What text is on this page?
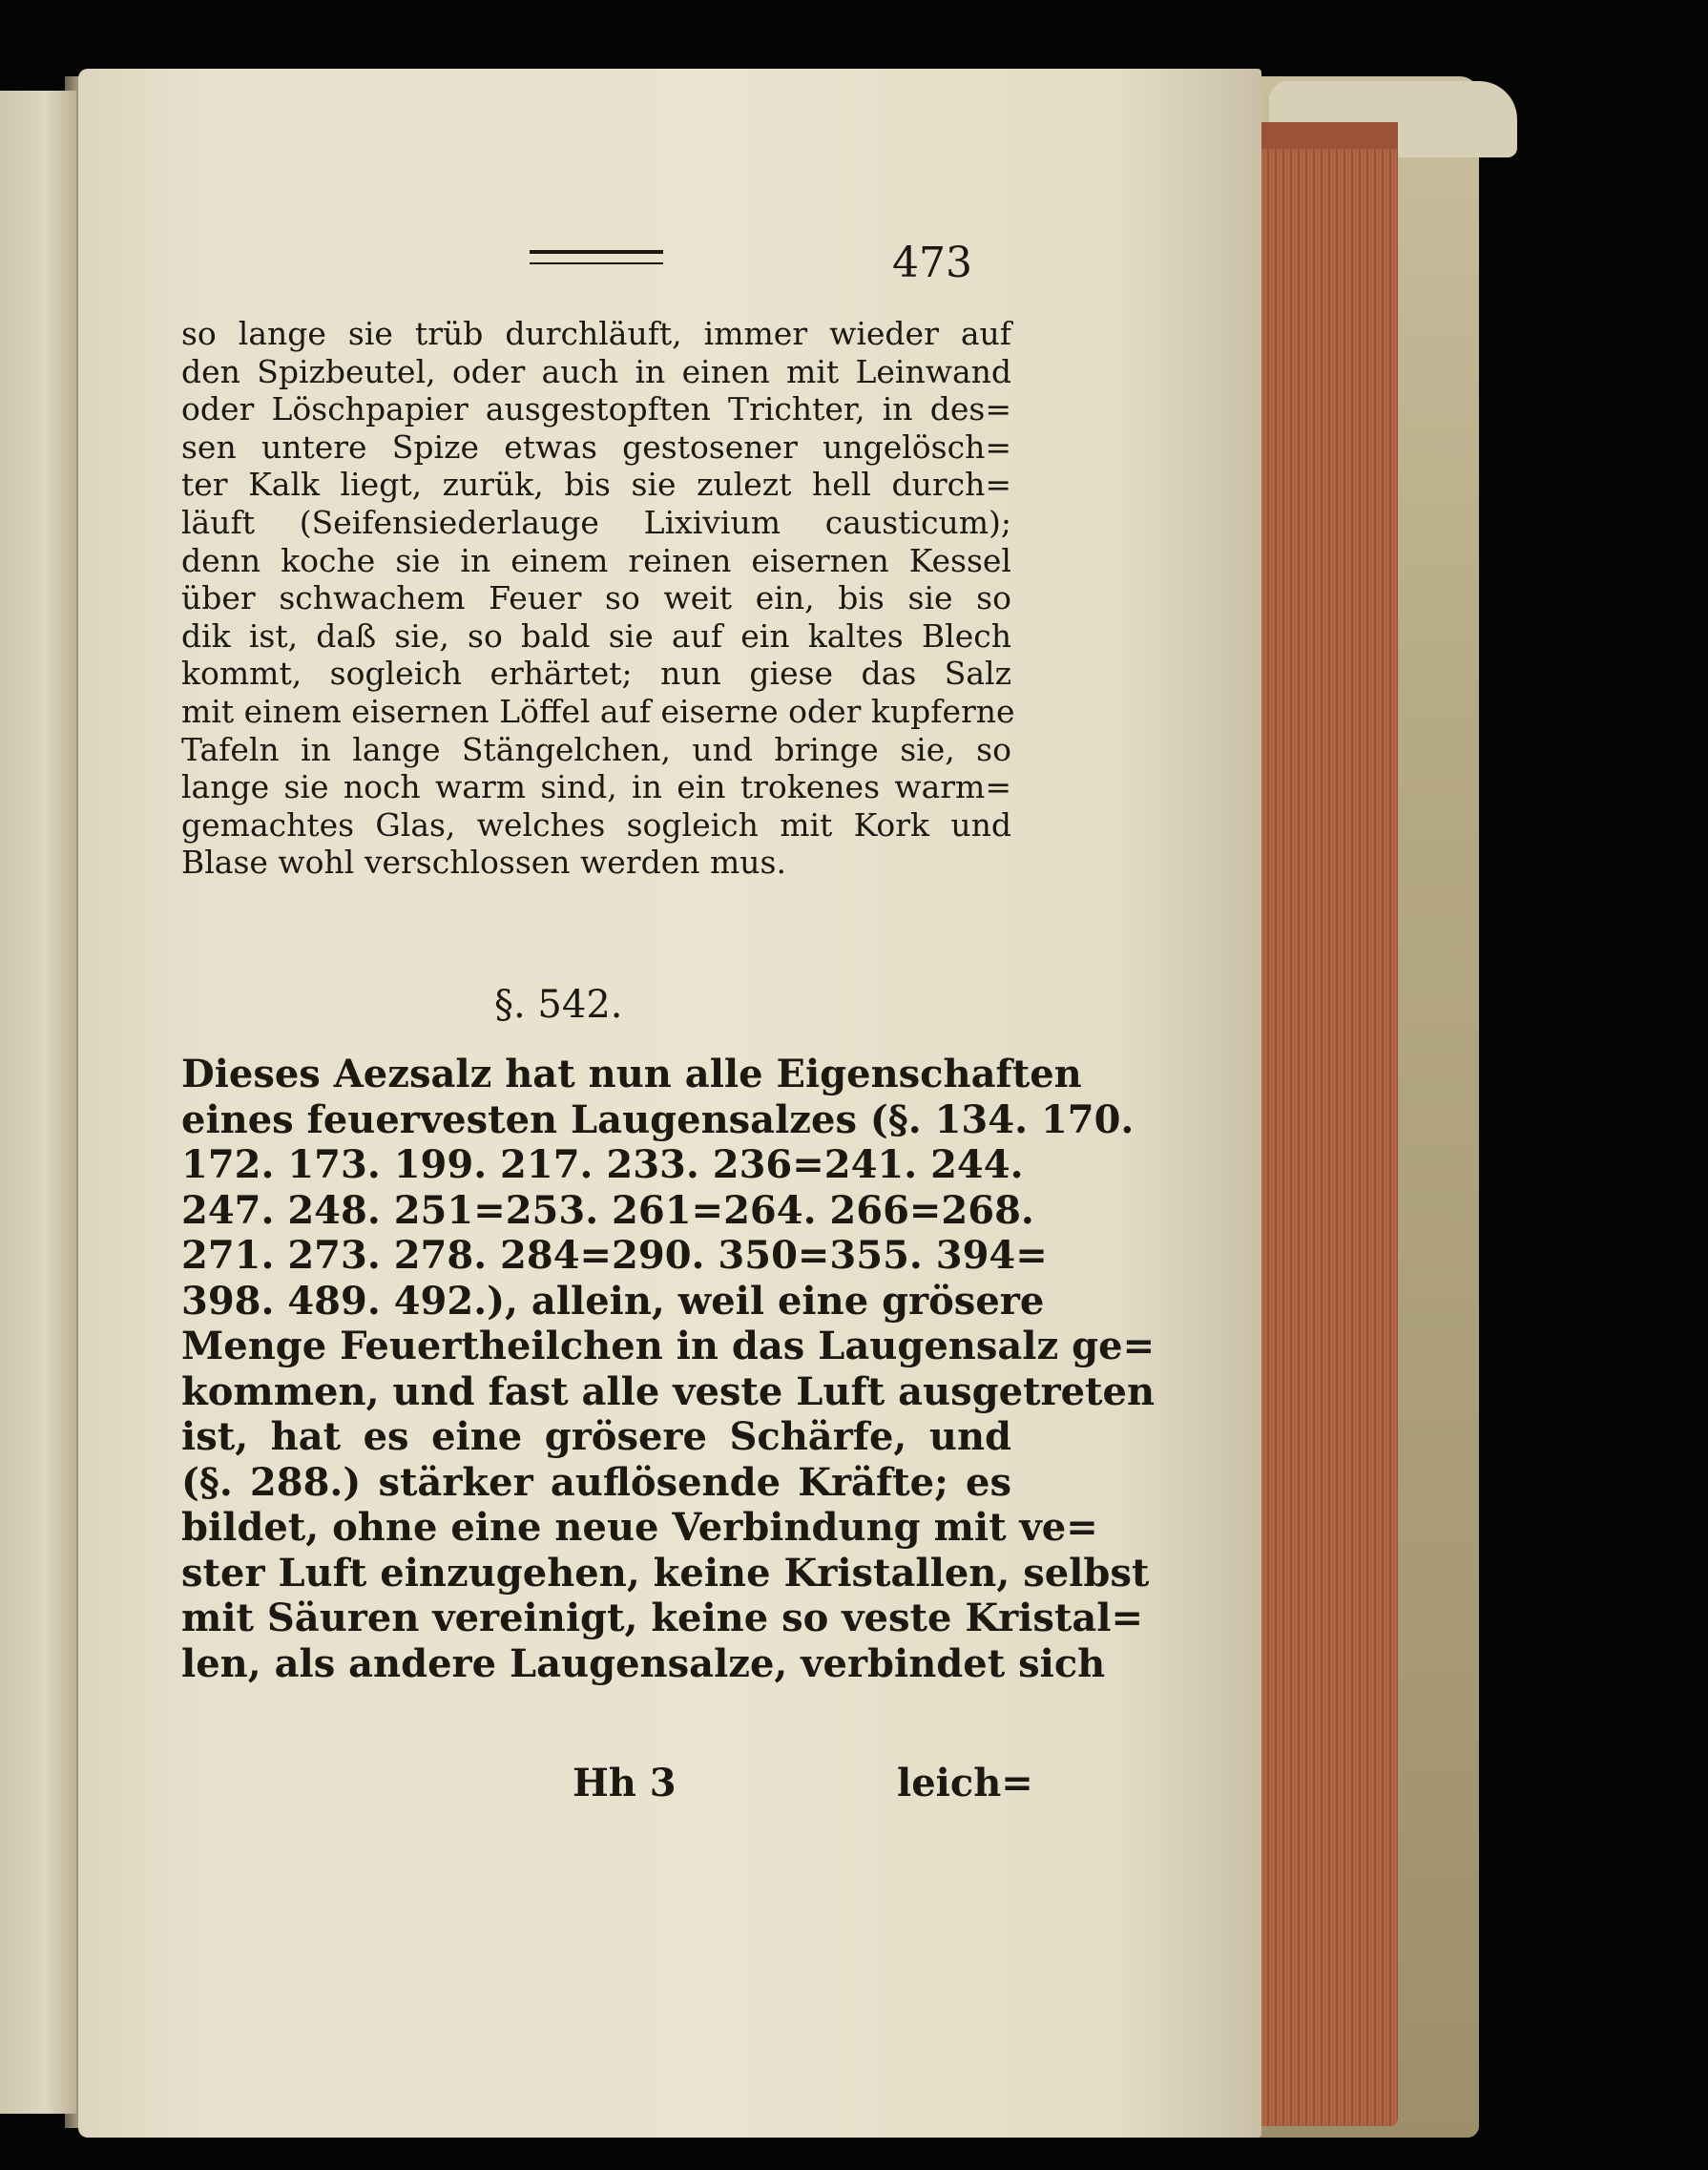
473
so lange sie trüb durchläuft, immer wieder auf
den Spizbeutel, oder auch in einen mit Leinwand
oder Löschpapier ausgestopften Trichter, in des=
sen untere Spize etwas gestosener ungelösch=
ter Kalk liegt, zurük, bis sie zulezt hell durch=
läuft (Seifensiederlauge Lixivium causticum);
denn koche sie in einem reinen eisernen Kessel
über schwachem Feuer so weit ein, bis sie so
dik ist, daß sie, so bald sie auf ein kaltes Blech
kommt, sogleich erhärtet; nun giese das Salz
mit einem eisernen Löffel auf eiserne oder kupferne
Tafeln in lange Stängelchen, und bringe sie, so
lange sie noch warm sind, in ein trokenes warm=
gemachtes Glas, welches sogleich mit Kork und
Blase wohl verschlossen werden mus.
§. 542.
Dieses Aezsalz hat nun alle Eigenschaften
eines feuervesten Laugensalzes (§. 134. 170.
172. 173. 199. 217. 233. 236=241. 244.
247. 248. 251=253. 261=264. 266=268.
271. 273. 278. 284=290. 350=355. 394=
398. 489. 492.), allein, weil eine grösere
Menge Feuertheilchen in das Laugensalz ge=
kommen, und fast alle veste Luft ausgetreten
ist, hat es eine grösere Schärfe, und
(§. 288.) stärker auflösende Kräfte; es
bildet, ohne eine neue Verbindung mit ve=
ster Luft einzugehen, keine Kristallen, selbst
mit Säuren vereinigt, keine so veste Kristal=
len, als andere Laugensalze, verbindet sich
Hh 3	leich=
